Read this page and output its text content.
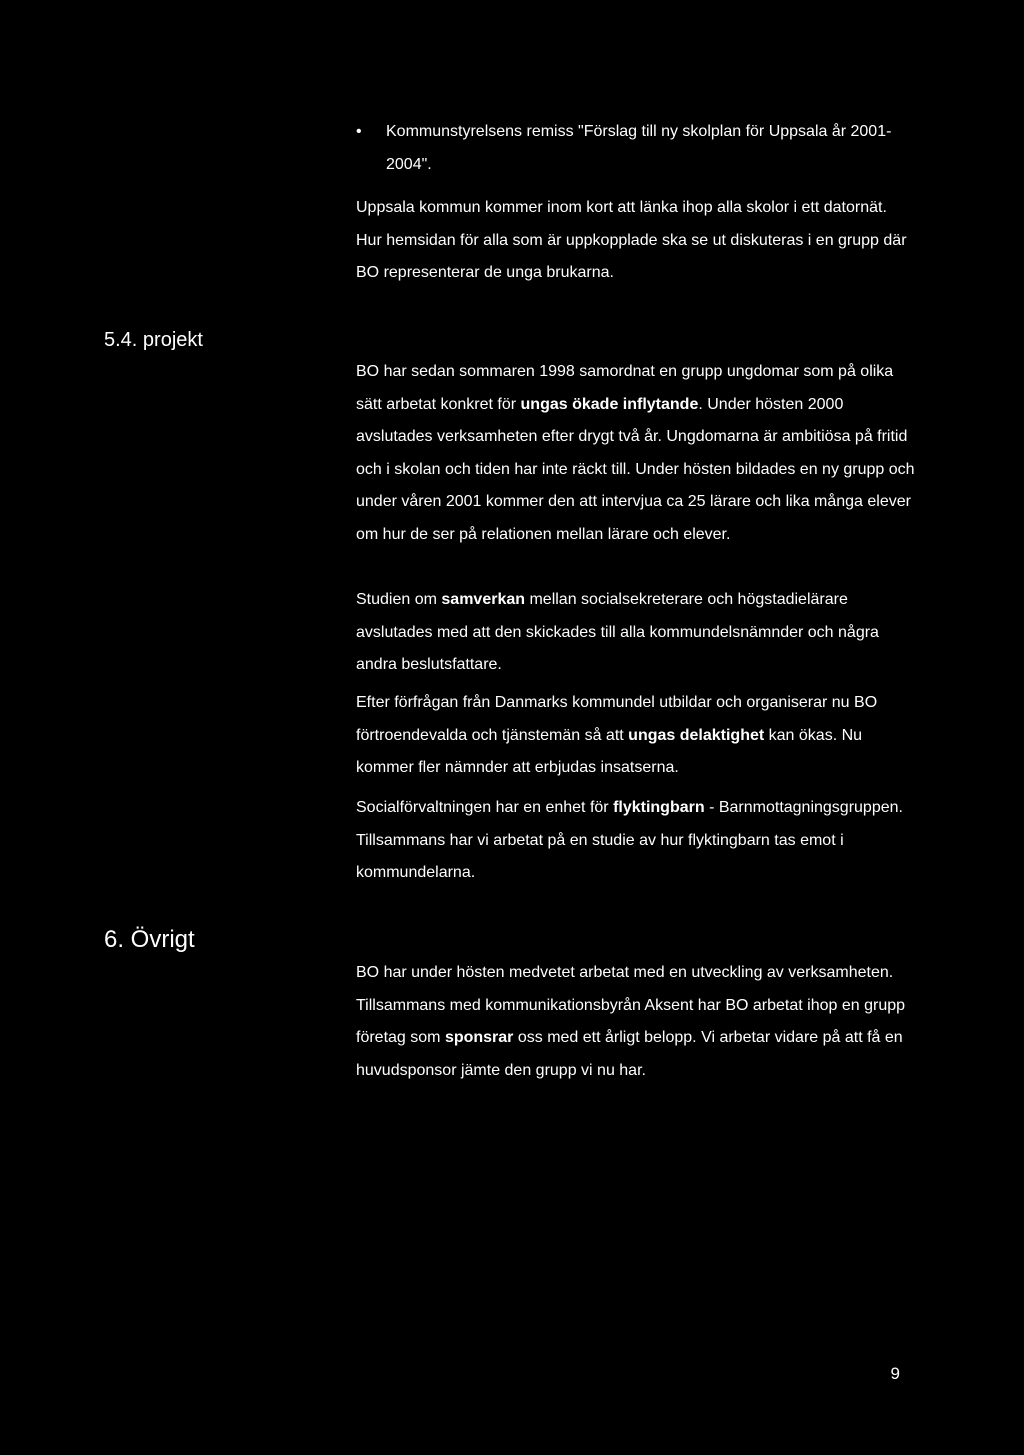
•	Kommunstyrelsens remiss "Förslag till ny skolplan för Uppsala år 2001-2004".

Uppsala kommun kommer inom kort att länka ihop alla skolor i ett datornät. Hur hemsidan för alla som är uppkopplade ska se ut diskuteras i en grupp där BO representerar de unga brukarna.

5.4. projekt

BO har sedan sommaren 1998 samordnat en grupp ungdomar som på olika sätt arbetat konkret för ungas ökade inflytande. Under hösten 2000 avslutades verksamheten efter drygt två år. Ungdomarna är ambitiösa på fritid och i skolan och tiden har inte räckt till. Under hösten bildades en ny grupp och under våren 2001 kommer den att intervjua ca 25 lärare och lika många elever om hur de ser på relationen mellan lärare och elever.

Studien om samverkan mellan socialsekreterare och högstadielärare avslutades med att den skickades till alla kommundelsnämnder och några andra beslutsfattare.

Efter förfrågan från Danmarks kommundel utbildar och organiserar nu BO förtroendevalda och tjänstemän så att ungas delaktighet kan ökas. Nu kommer fler nämnder att erbjudas insatserna.

Socialförvaltningen har en enhet för flyktingbarn - Barnmottagningsgruppen. Tillsammans har vi arbetat på en studie av hur flyktingbarn tas emot i kommundelarna.

6. Övrigt

BO har under hösten medvetet arbetat med en utveckling av verksamheten. Tillsammans med kommunikationsbyrån Aksent har BO arbetat ihop en grupp företag som sponsrar oss med ett årligt belopp. Vi arbetar vidare på att få en huvudsponsor jämte den grupp vi nu har.

9
